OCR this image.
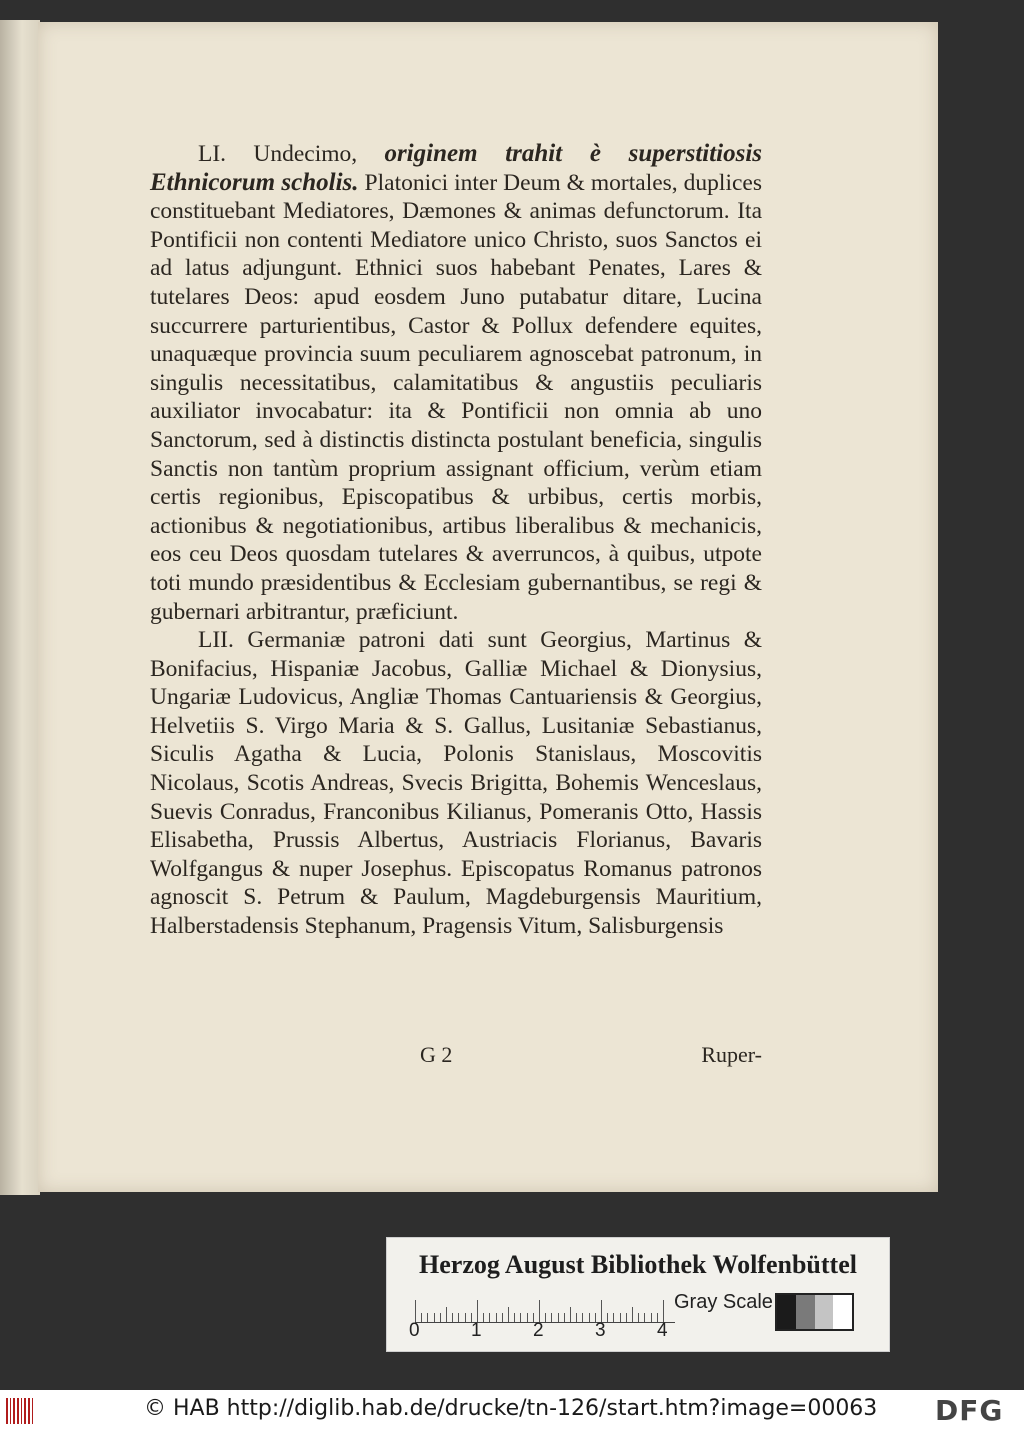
LI. Undecimo, originem trahit è superstitiosis Ethnicorum scholis. Platonici inter Deum & mortales, duplices constituebant Mediatores, Dæmones & animas defunctorum. Ita Pontificii non contenti Mediatore unico Christo, suos Sanctos ei ad latus adjungunt. Ethnici suos habebant Penates, Lares & tutelares Deos: apud eosdem Juno putabatur ditare, Lucina succurrere parturientibus, Castor & Pollux defendere equites, unaquæque provincia suum peculiarem agnoscebat patronum, in singulis necessitatibus, calamitatibus & angustiis peculiaris auxiliator invocabatur: ita & Pontificii non omnia ab uno Sanctorum, sed à distinctis distincta postulant beneficia, singulis Sanctis non tantùm proprium assignant officium, verùm etiam certis regionibus, Episcopatibus & urbibus, certis morbis, actionibus & negotiationibus, artibus liberalibus & mechanicis, eos ceu Deos quosdam tutelares & averruncos, à quibus, utpote toti mundo præsidentibus & Ecclesiam gubernantibus, se regi & gubernari arbitrantur, præficiunt.

LII. Germaniæ patroni dati sunt Georgius, Martinus & Bonifacius, Hispaniæ Jacobus, Galliæ Michael & Dionysius, Ungariæ Ludovicus, Angliæ Thomas Cantuariensis & Georgius, Helvetiis S. Virgo Maria & S. Gallus, Lusitaniæ Sebastianus, Siculis Agatha & Lucia, Polonis Stanislaus, Moscovitis Nicolaus, Scotis Andreas, Svecis Brigitta, Bohemis Wenceslaus, Suevis Conradus, Franconibus Kilianus, Pomeranis Otto, Hassis Elisabetha, Prussis Albertus, Austriacis Florianus, Bavaris Wolfgangus & nuper Josephus. Episcopatus Romanus patronos agnoscit S. Petrum & Paulum, Magdeburgensis Mauritium, Halberstadensis Stephanum, Pragensis Vitum, Salisburgensis

G 2	Ruper-
Herzog August Bibliothek Wolfenbüttel
0	1	2	3	4
Gray Scale
© HAB http://diglib.hab.de/drucke/tn-126/start.htm?image=00063 DFG
